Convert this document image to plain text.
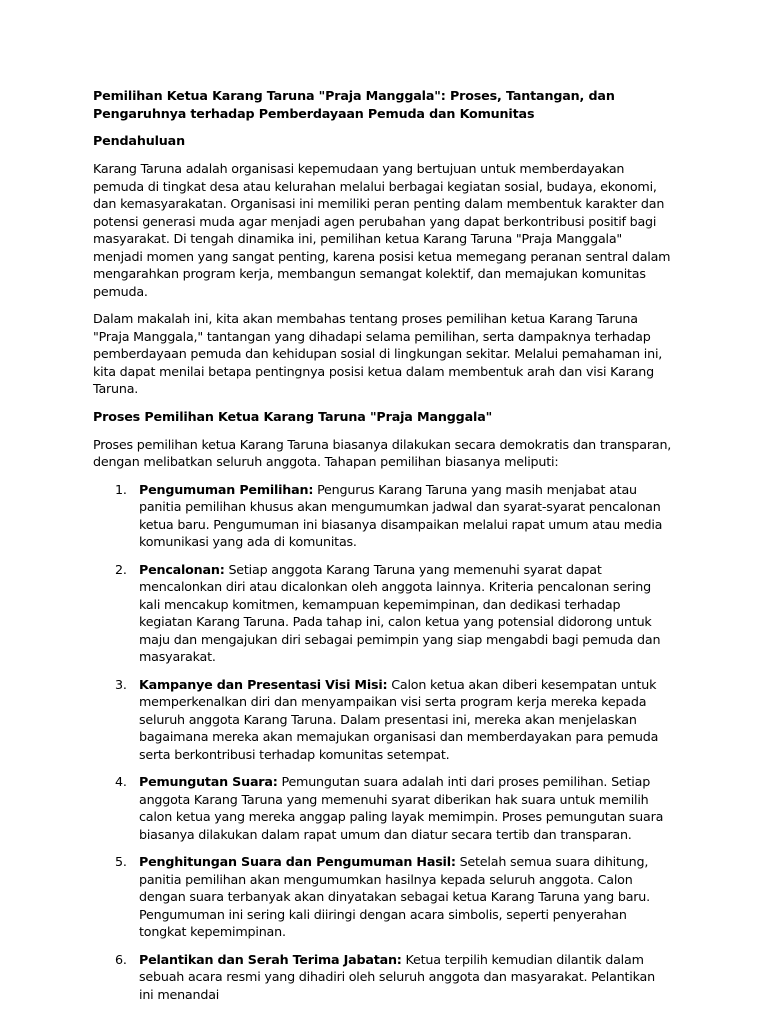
Pemilihan Ketua Karang Taruna "Praja Manggala": Proses, Tantangan, dan Pengaruhnya terhadap Pemberdayaan Pemuda dan Komunitas
Pendahuluan

Karang Taruna adalah organisasi kepemudaan yang bertujuan untuk memberdayakan pemuda di tingkat desa atau kelurahan melalui berbagai kegiatan sosial, budaya, ekonomi, dan kemasyarakatan. Organisasi ini memiliki peran penting dalam membentuk karakter dan potensi generasi muda agar menjadi agen perubahan yang dapat berkontribusi positif bagi masyarakat. Di tengah dinamika ini, pemilihan ketua Karang Taruna "Praja Manggala" menjadi momen yang sangat penting, karena posisi ketua memegang peranan sentral dalam mengarahkan program kerja, membangun semangat kolektif, dan memajukan komunitas pemuda.

Dalam makalah ini, kita akan membahas tentang proses pemilihan ketua Karang Taruna "Praja Manggala," tantangan yang dihadapi selama pemilihan, serta dampaknya terhadap pemberdayaan pemuda dan kehidupan sosial di lingkungan sekitar. Melalui pemahaman ini, kita dapat menilai betapa pentingnya posisi ketua dalam membentuk arah dan visi Karang Taruna.

Proses Pemilihan Ketua Karang Taruna "Praja Manggala"

Proses pemilihan ketua Karang Taruna biasanya dilakukan secara demokratis dan transparan, dengan melibatkan seluruh anggota. Tahapan pemilihan biasanya meliputi:

1. Pengumuman Pemilihan: Pengurus Karang Taruna yang masih menjabat atau panitia pemilihan khusus akan mengumumkan jadwal dan syarat-syarat pencalonan ketua baru. Pengumuman ini biasanya disampaikan melalui rapat umum atau media komunikasi yang ada di komunitas.
2. Pencalonan: Setiap anggota Karang Taruna yang memenuhi syarat dapat mencalonkan diri atau dicalonkan oleh anggota lainnya. Kriteria pencalonan sering kali mencakup komitmen, kemampuan kepemimpinan, dan dedikasi terhadap kegiatan Karang Taruna. Pada tahap ini, calon ketua yang potensial didorong untuk maju dan mengajukan diri sebagai pemimpin yang siap mengabdi bagi pemuda dan masyarakat.
3. Kampanye dan Presentasi Visi Misi: Calon ketua akan diberi kesempatan untuk memperkenalkan diri dan menyampaikan visi serta program kerja mereka kepada seluruh anggota Karang Taruna. Dalam presentasi ini, mereka akan menjelaskan bagaimana mereka akan memajukan organisasi dan memberdayakan para pemuda serta berkontribusi terhadap komunitas setempat.
4. Pemungutan Suara: Pemungutan suara adalah inti dari proses pemilihan. Setiap anggota Karang Taruna yang memenuhi syarat diberikan hak suara untuk memilih calon ketua yang mereka anggap paling layak memimpin. Proses pemungutan suara biasanya dilakukan dalam rapat umum dan diatur secara tertib dan transparan.
5. Penghitungan Suara dan Pengumuman Hasil: Setelah semua suara dihitung, panitia pemilihan akan mengumumkan hasilnya kepada seluruh anggota. Calon dengan suara terbanyak akan dinyatakan sebagai ketua Karang Taruna yang baru. Pengumuman ini sering kali diiringi dengan acara simbolis, seperti penyerahan tongkat kepemimpinan.
6. Pelantikan dan Serah Terima Jabatan: Ketua terpilih kemudian dilantik dalam sebuah acara resmi yang dihadiri oleh seluruh anggota dan masyarakat. Pelantikan ini menandai
